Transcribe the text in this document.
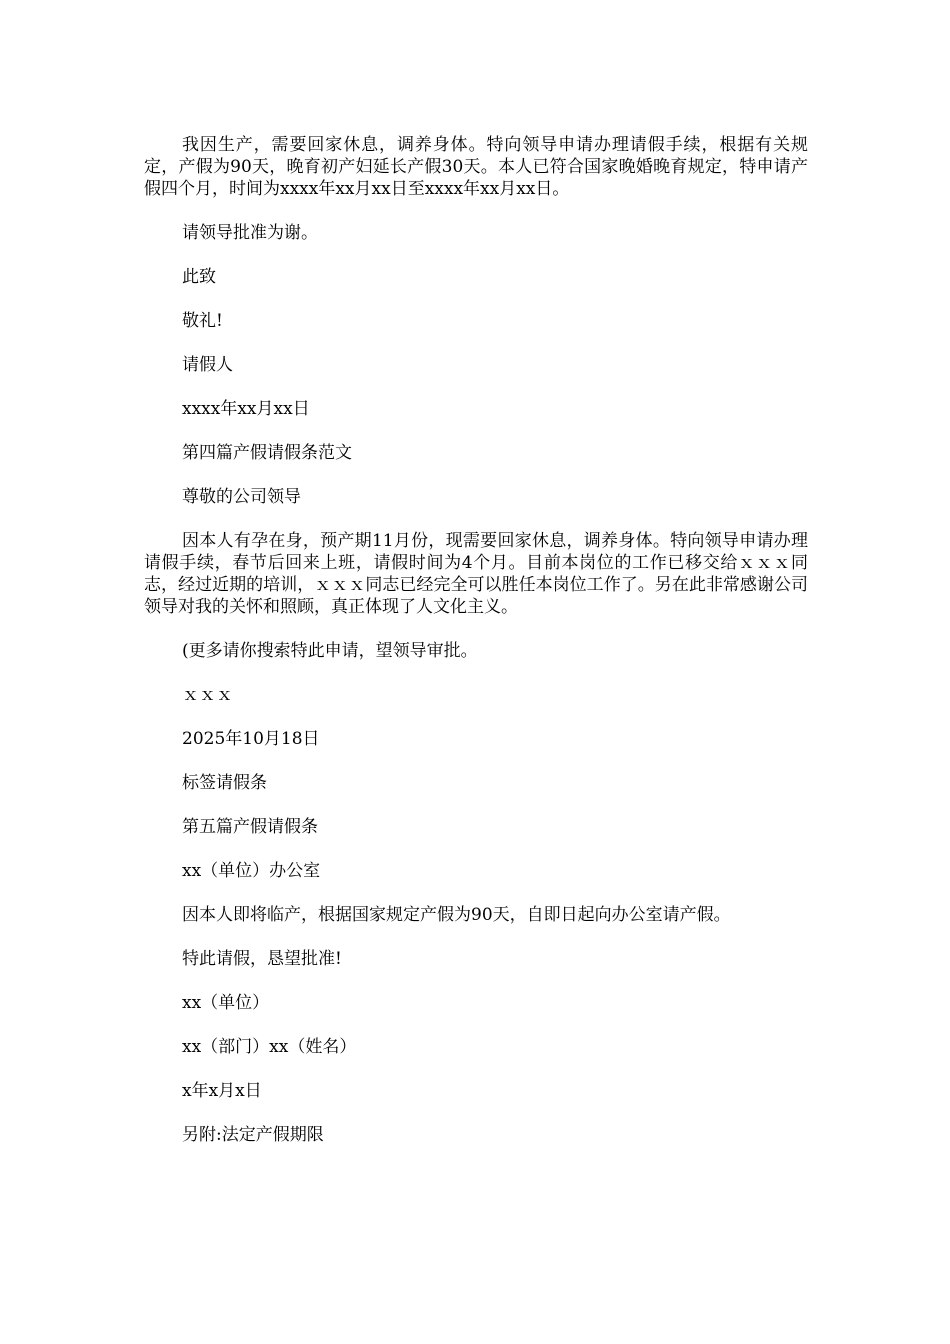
我因生产，需要回家休息，调养身体。特向领导申请办理请假手续，根据有关规定，产假为90天，晚育初产妇延长产假30天。本人已符合国家晚婚晚育规定，特申请产假四个月，时间为xxxx年xx月xx日至xxxx年xx月xx日。

请领导批准为谢。

此致

敬礼!

请假人

xxxx年xx月xx日

第四篇产假请假条范文

尊敬的公司领导

因本人有孕在身，预产期11月份，现需要回家休息，调养身体。特向领导申请办理请假手续，春节后回来上班，请假时间为4个月。目前本岗位的工作已移交给ｘｘｘ同志，经过近期的培训，ｘｘｘ同志已经完全可以胜任本岗位工作了。另在此非常感谢公司领导对我的关怀和照顾，真正体现了人文化主义。

(更多请你搜索特此申请，望领导审批。

ｘｘｘ

2025年10月18日

标签请假条

第五篇产假请假条

xx（单位）办公室

因本人即将临产，根据国家规定产假为90天，自即日起向办公室请产假。

特此请假，恳望批准!

xx（单位）

xx（部门）xx（姓名）

x年x月x日

另附:法定产假期限
